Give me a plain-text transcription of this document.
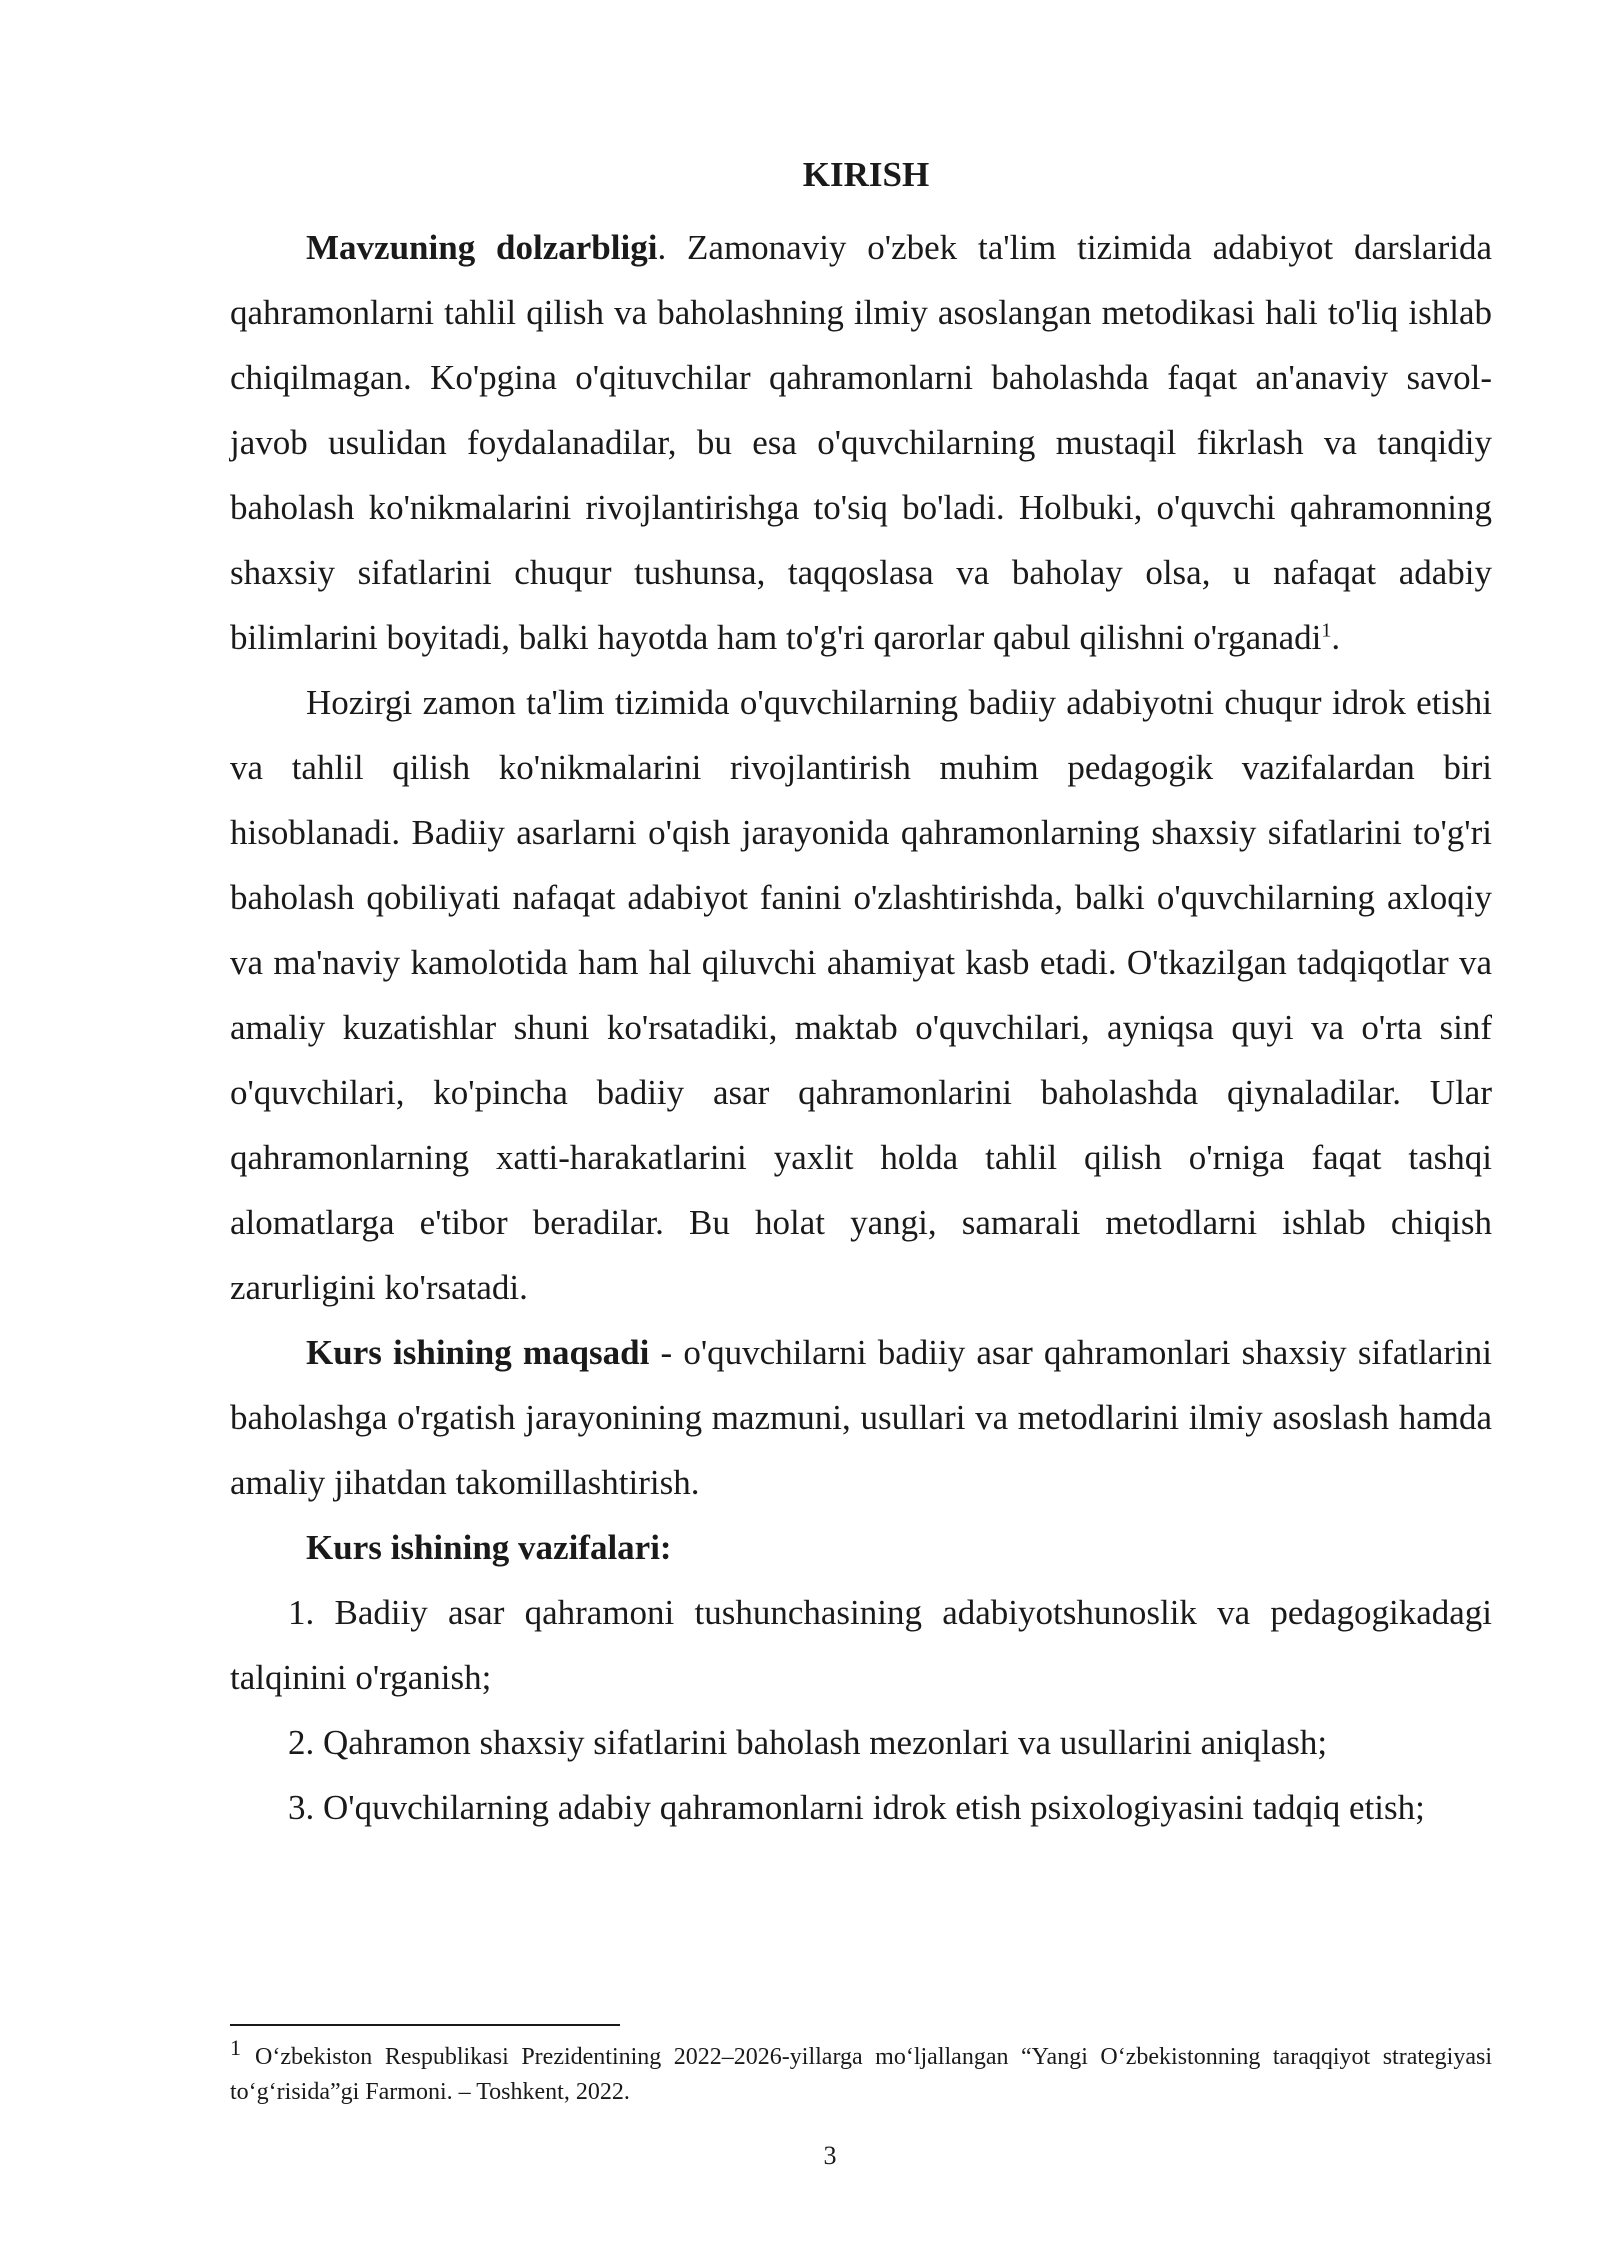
KIRISH

Mavzuning dolzarbligi. Zamonaviy o'zbek ta'lim tizimida adabiyot darslarida qahramonlarni tahlil qilish va baholashning ilmiy asoslangan metodikasi hali to'liq ishlab chiqilmagan. Ko'pgina o'qituvchilar qahramonlarni baholashda faqat an'anaviy savol-javob usulidan foydalanadilar, bu esa o'quvchilarning mustaqil fikrlash va tanqidiy baholash ko'nikmalarini rivojlantirishga to'siq bo'ladi. Holbuki, o'quvchi qahramonning shaxsiy sifatlarini chuqur tushunsa, taqqoslasa va baholay olsa, u nafaqat adabiy bilimlarini boyitadi, balki hayotda ham to'g'ri qarorlar qabul qilishni o'rganadi$^1$.

Hozirgi zamon ta'lim tizimida o'quvchilarning badiiy adabiyotni chuqur idrok etishi va tahlil qilish ko'nikmalarini rivojlantirish muhim pedagogik vazifalardan biri hisoblanadi. Badiiy asarlarni o'qish jarayonida qahramonlarning shaxsiy sifatlarini to'g'ri baholash qobiliyati nafaqat adabiyot fanini o'zlashtirishda, balki o'quvchilarning axloqiy va ma'naviy kamolotida ham hal qiluvchi ahamiyat kasb etadi. O'tkazilgan tadqiqotlar va amaliy kuzatishlar shuni ko'rsatadiki, maktab o'quvchilari, ayniqsa quyi va o'rta sinf o'quvchilari, ko'pincha badiiy asar qahramonlarini baholashda qiynaladilar. Ular qahramonlarning xatti-harakatlarini yaxlit holda tahlil qilish o'rniga faqat tashqi alomatlarga e'tibor beradilar. Bu holat yangi, samarali metodlarni ishlab chiqish zarurligini ko'rsatadi.

Kurs ishining maqsadi - o'quvchilarni badiiy asar qahramonlari shaxsiy sifatlarini baholashga o'rgatish jarayonining mazmuni, usullari va metodlarini ilmiy asoslash hamda amaliy jihatdan takomillashtirish.

Kurs ishining vazifalari:

1. Badiiy asar qahramoni tushunchasining adabiyotshunoslik va pedagogikadagi talqinini o'rganish;

2. Qahramon shaxsiy sifatlarini baholash mezonlari va usullarini aniqlash;

3. O'quvchilarning adabiy qahramonlarni idrok etish psixologiyasini tadqiq etish;

$^1$ O‘zbekiston Respublikasi Prezidentining 2022–2026-yillarga mo‘ljallangan “Yangi O‘zbekistonning taraqqiyot strategiyasi to‘g‘risida”gi Farmoni. – Toshkent, 2022.
3
